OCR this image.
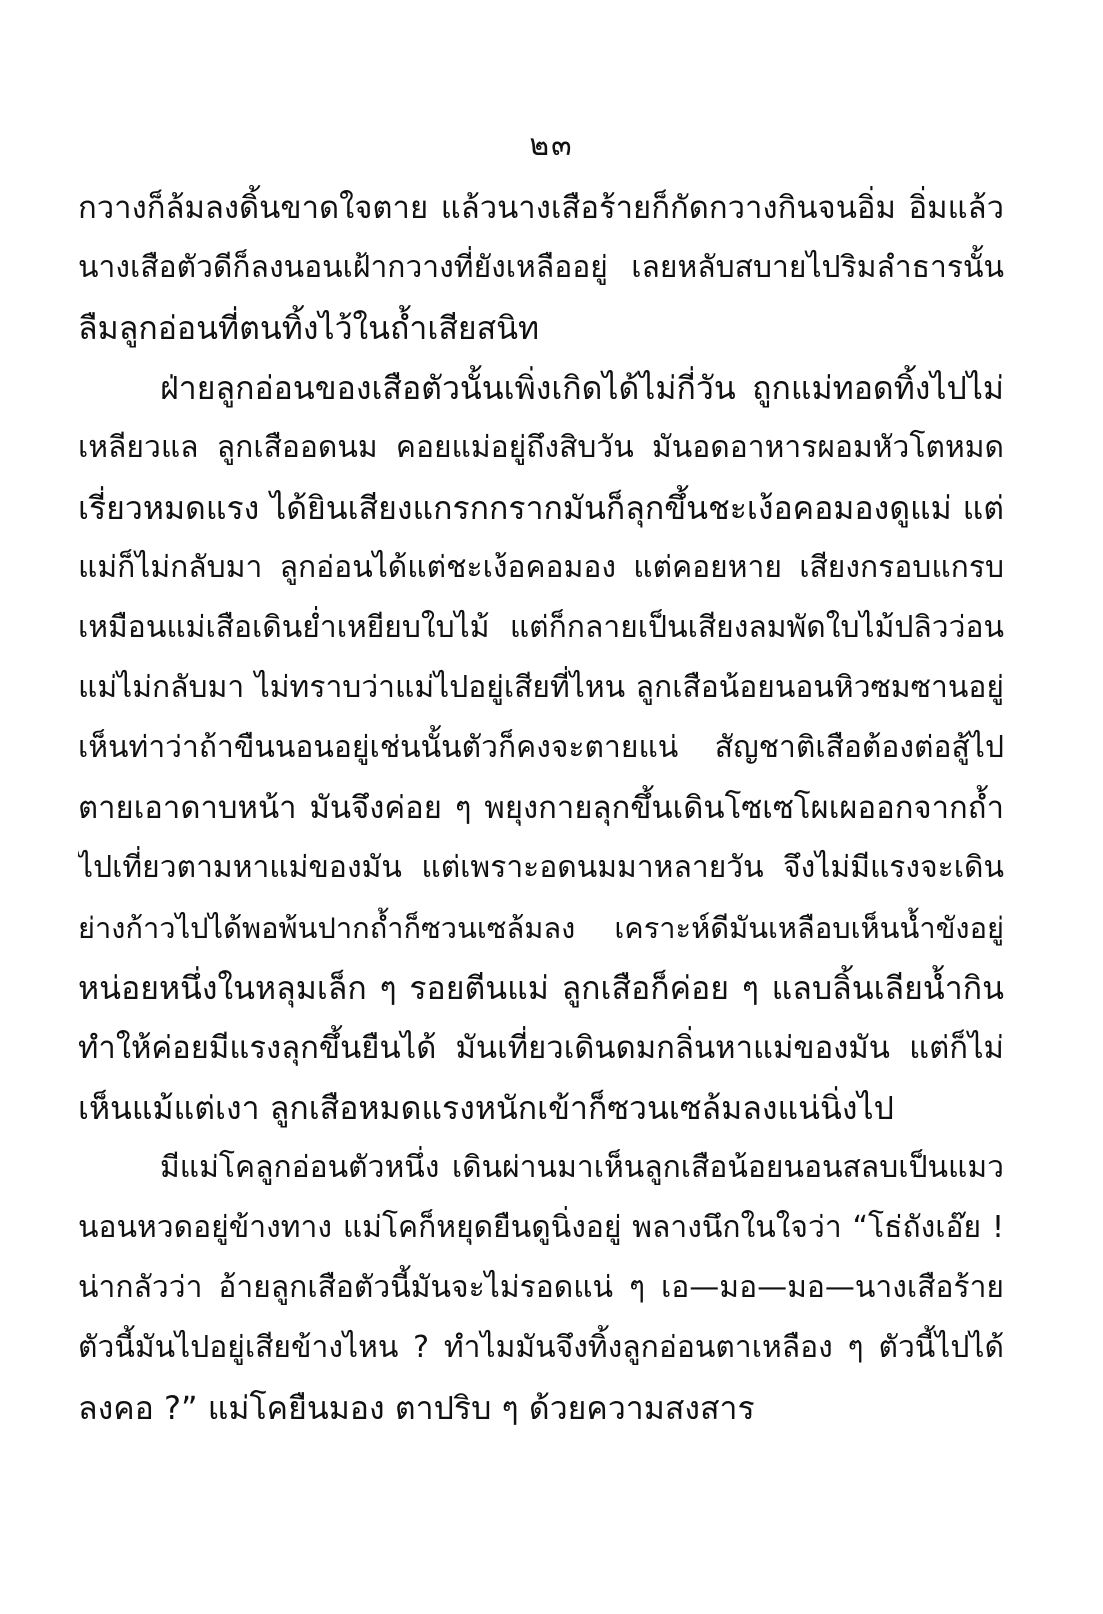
๒๓
กวางก็ล้มลงดิ้นขาดใจตาย แล้วนางเสือร้ายก็กัดกวางกินจนอิ่ม อิ่มแล้ว
นางเสือตัวดีก็ลงนอนเฝ้ากวางที่ยังเหลืออยู่ เลยหลับสบายไปริมลำธารนั้น
ลืมลูกอ่อนที่ตนทิ้งไว้ในถ้ำเสียสนิท
ฝ่ายลูกอ่อนของเสือตัวนั้นเพิ่งเกิดได้ไม่กี่วัน ถูกแม่ทอดทิ้งไปไม่
เหลียวแล ลูกเสืออดนม คอยแม่อยู่ถึงสิบวัน มันอดอาหารผอมหัวโตหมด
เรี่ยวหมดแรง ได้ยินเสียงแกรกกรากมันก็ลุกขึ้นชะเง้อคอมองดูแม่ แต่
แม่ก็ไม่กลับมา ลูกอ่อนได้แต่ชะเง้อคอมอง แต่คอยหาย เสียงกรอบแกรบ
เหมือนแม่เสือเดินย่ำเหยียบใบไม้ แต่ก็กลายเป็นเสียงลมพัดใบไม้ปลิวว่อน
แม่ไม่กลับมา ไม่ทราบว่าแม่ไปอยู่เสียที่ไหน ลูกเสือน้อยนอนหิวซมซานอยู่
เห็นท่าว่าถ้าขืนนอนอยู่เช่นนั้นตัวก็คงจะตายแน่ สัญชาติเสือต้องต่อสู้ไป
ตายเอาดาบหน้า มันจึงค่อย ๆ พยุงกายลุกขึ้นเดินโซเซโผเผออกจากถ้ำ
ไปเที่ยวตามหาแม่ของมัน แต่เพราะอดนมมาหลายวัน จึงไม่มีแรงจะเดิน
ย่างก้าวไปได้พอพ้นปากถ้ำก็ซวนเซล้มลง เคราะห์ดีมันเหลือบเห็นน้ำขังอยู่
หน่อยหนึ่งในหลุมเล็ก ๆ รอยตีนแม่ ลูกเสือก็ค่อย ๆ แลบลิ้นเลียน้ำกิน
ทำให้ค่อยมีแรงลุกขึ้นยืนได้ มันเที่ยวเดินดมกลิ่นหาแม่ของมัน แต่ก็ไม่
เห็นแม้แต่เงา ลูกเสือหมดแรงหนักเข้าก็ซวนเซล้มลงแน่นิ่งไป
มีแม่โคลูกอ่อนตัวหนึ่ง เดินผ่านมาเห็นลูกเสือน้อยนอนสลบเป็นแมว
นอนหวดอยู่ข้างทาง แม่โคก็หยุดยืนดูนิ่งอยู่ พลางนึกในใจว่า “โธ่ถังเอ๊ย !
น่ากลัวว่า อ้ายลูกเสือตัวนี้มันจะไม่รอดแน่ ๆ เอ—มอ—มอ—นางเสือร้าย
ตัวนี้มันไปอยู่เสียข้างไหน ? ทำไมมันจึงทิ้งลูกอ่อนตาเหลือง ๆ ตัวนี้ไปได้
ลงคอ ?” แม่โคยืนมอง ตาปริบ ๆ ด้วยความสงสาร
